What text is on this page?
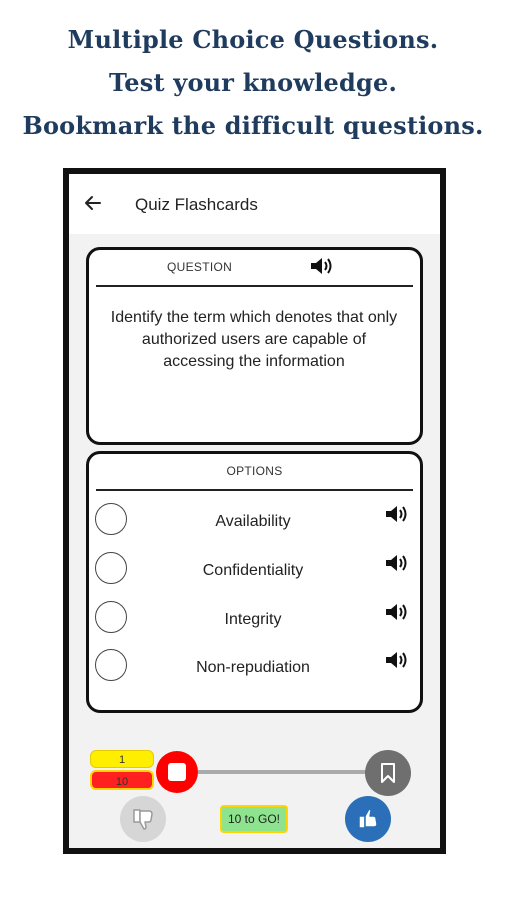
Multiple Choice Questions.
Test your knowledge.
Bookmark the difficult questions.
Quiz Flashcards
QUESTION
Identify the term which denotes that only authorized users are capable of accessing the information
OPTIONS
Availability
Confidentiality
Integrity
Non-repudiation
1
10
10 to GO!
